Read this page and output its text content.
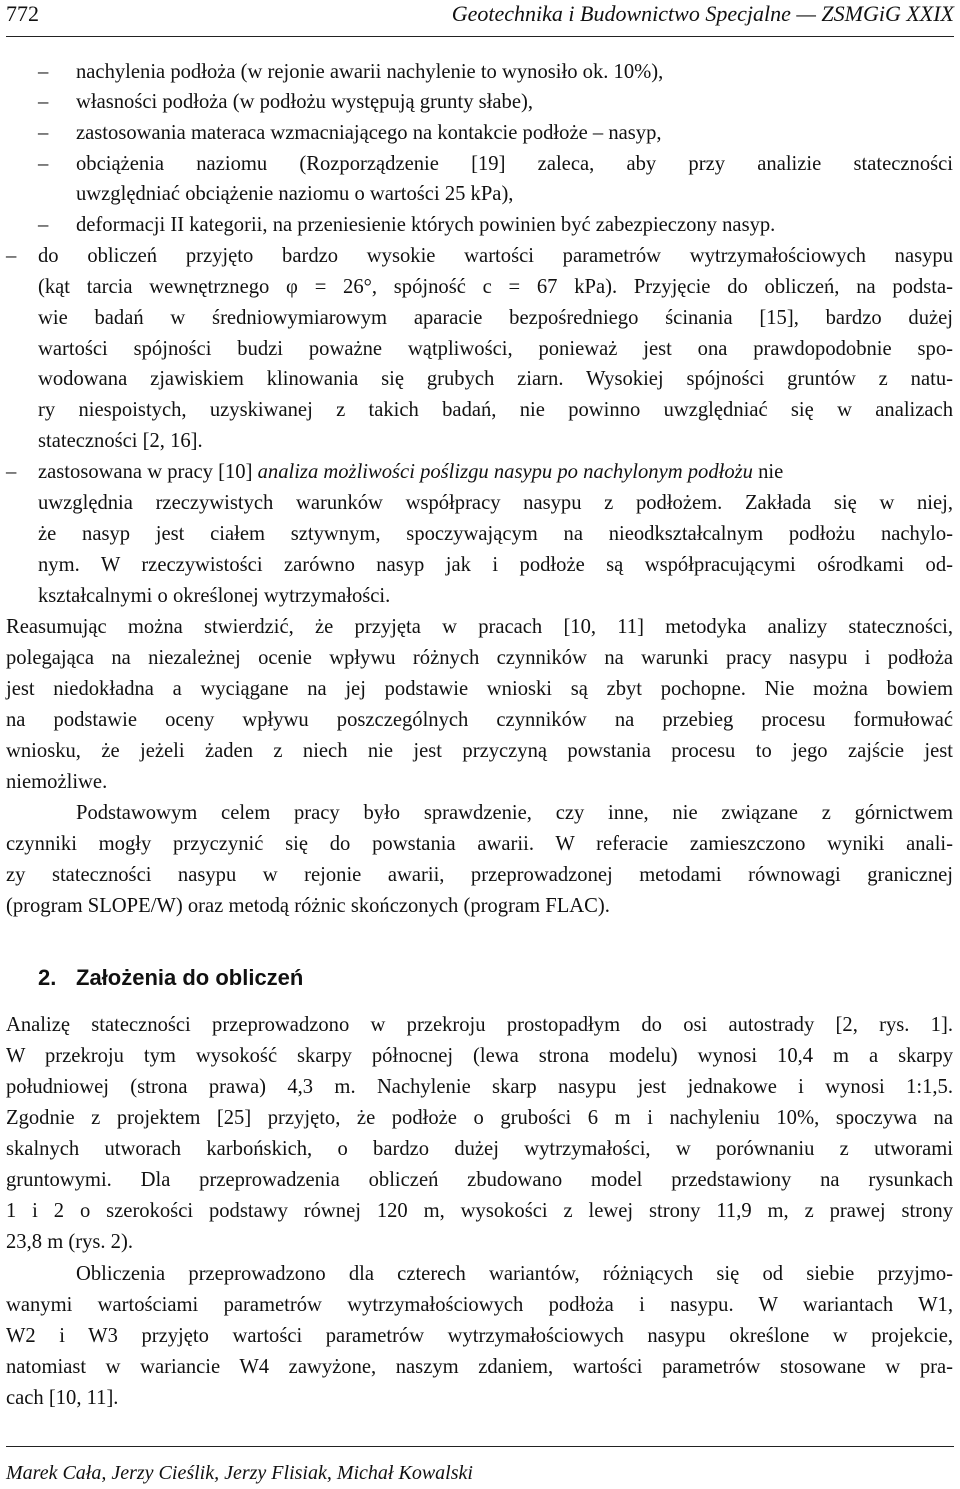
772	Geotechnika i Budownictwo Specjalne — ZSMGiG XXIX
– nachylenia podłoża (w rejonie awarii nachylenie to wynosiło ok. 10%),
– własności podłoża (w podłożu występują grunty słabe),
– zastosowania materaca wzmacniającego na kontakcie podłoże – nasyp,
– obciążenia naziomu (Rozporządzenie [19] zaleca, aby przy analizie stateczności
uwzględniać obciążenie naziomu o wartości 25 kPa),
– deformacji II kategorii, na przeniesienie których powinien być zabezpieczony nasyp.
– do obliczeń przyjęto bardzo wysokie wartości parametrów wytrzymałościowych nasypu
(kąt tarcia wewnętrznego φ = 26°, spójność c = 67 kPa). Przyjęcie do obliczeń, na podsta-
wie badań w średniowymiarowym aparacie bezpośredniego ścinania [15], bardzo dużej
wartości spójności budzi poważne wątpliwości, ponieważ jest ona prawdopodobnie spo-
wodowana zjawiskiem klinowania się grubych ziarn. Wysokiej spójności gruntów z natu-
ry niespoistych, uzyskiwanej z takich badań, nie powinno uwzględniać się w analizach
stateczności [2, 16].
– zastosowana w pracy [10] analiza możliwości poślizgu nasypu po nachylonym podłożu nie
uwzględnia rzeczywistych warunków współpracy nasypu z podłożem. Zakłada się w niej,
że nasyp jest ciałem sztywnym, spoczywającym na nieodkształcalnym podłożu nachylo-
nym. W rzeczywistości zarówno nasyp jak i podłoże są współpracującymi ośrodkami od-
kształcalnymi o określonej wytrzymałości.
Reasumując można stwierdzić, że przyjęta w pracach [10, 11] metodyka analizy stateczności,
polegająca na niezależnej ocenie wpływu różnych czynników na warunki pracy nasypu i podłoża
jest niedokładna a wyciągane na jej podstawie wnioski są zbyt pochopne. Nie można bowiem
na podstawie oceny wpływu poszczególnych czynników na przebieg procesu formułować
wniosku, że jeżeli żaden z niech nie jest przyczyną powstania procesu to jego zajście jest
niemożliwe.
Podstawowym celem pracy było sprawdzenie, czy inne, nie związane z górnictwem
czynniki mogły przyczynić się do powstania awarii. W referacie zamieszczono wyniki anali-
zy stateczności nasypu w rejonie awarii, przeprowadzonej metodami równowagi granicznej
(program SLOPE/W) oraz metodą różnic skończonych (program FLAC).
2. Założenia do obliczeń
Analizę stateczności przeprowadzono w przekroju prostopadłym do osi autostrady [2, rys. 1].
W przekroju tym wysokość skarpy północnej (lewa strona modelu) wynosi 10,4 m a skarpy
południowej (strona prawa) 4,3 m. Nachylenie skarp nasypu jest jednakowe i wynosi 1:1,5.
Zgodnie z projektem [25] przyjęto, że podłoże o grubości 6 m i nachyleniu 10%, spoczywa na
skalnych utworach karbońskich, o bardzo dużej wytrzymałości, w porównaniu z utworami
gruntowymi. Dla przeprowadzenia obliczeń zbudowano model przedstawiony na rysunkach
1 i 2 o szerokości podstawy równej 120 m, wysokości z lewej strony 11,9 m, z prawej strony
23,8 m (rys. 2).
Obliczenia przeprowadzono dla czterech wariantów, różniących się od siebie przyjmo-
wanymi wartościami parametrów wytrzymałościowych podłoża i nasypu. W wariantach W1,
W2 i W3 przyjęto wartości parametrów wytrzymałościowych nasypu określone w projekcie,
natomiast w wariancie W4 zawyżone, naszym zdaniem, wartości parametrów stosowane w pra-
cach [10, 11].
Marek Cała, Jerzy Cieślik, Jerzy Flisiak, Michał Kowalski
